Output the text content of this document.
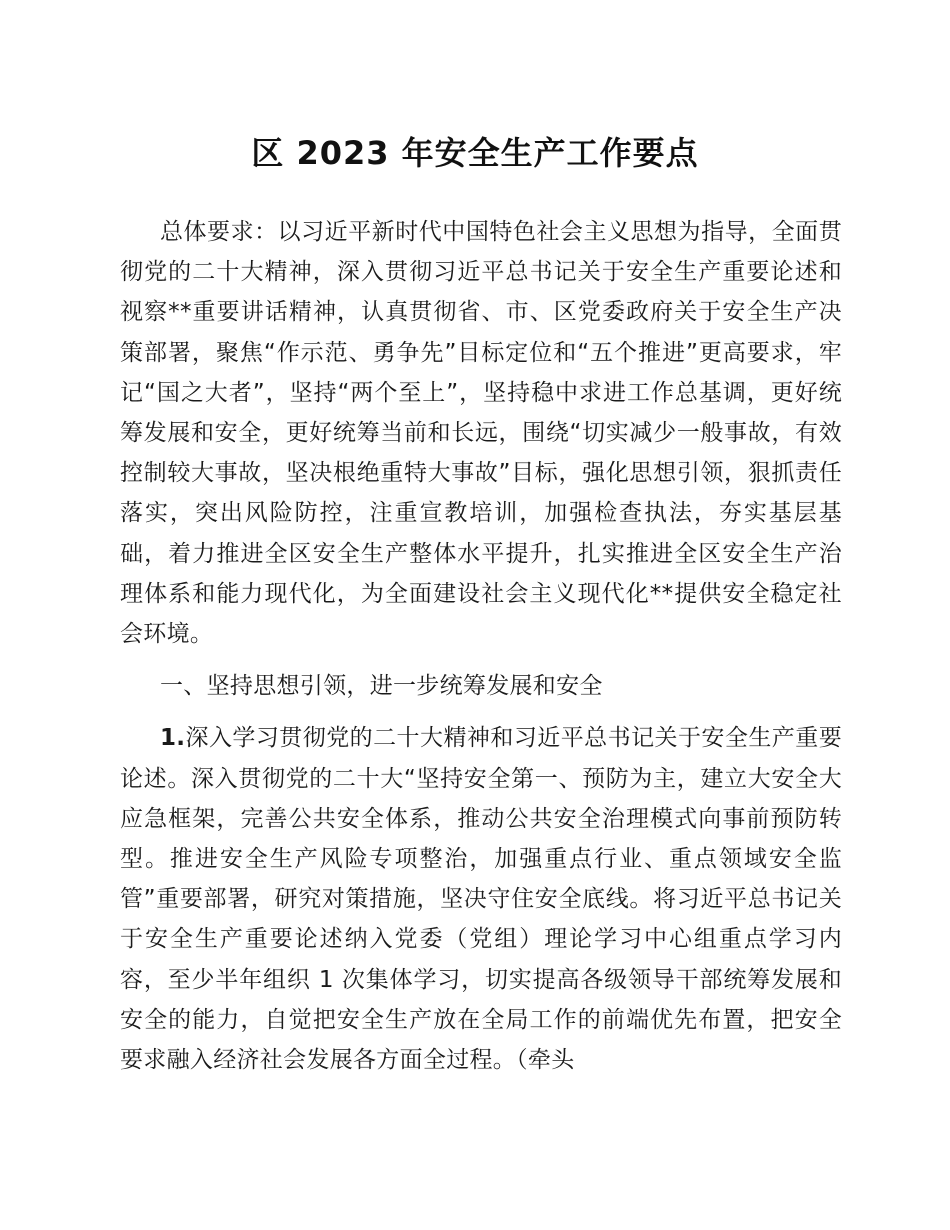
区 2023 年安全生产工作要点

总体要求：以习近平新时代中国特色社会主义思想为指导，全面贯彻党的二十大精神，深入贯彻习近平总书记关于安全生产重要论述和视察**重要讲话精神，认真贯彻省、市、区党委政府关于安全生产决策部署，聚焦“作示范、勇争先”目标定位和“五个推进”更高要求，牢记“国之大者”，坚持“两个至上”，坚持稳中求进工作总基调，更好统筹发展和安全，更好统筹当前和长远，围绕“切实减少一般事故，有效控制较大事故，坚决根绝重特大事故”目标，强化思想引领，狠抓责任落实，突出风险防控，注重宣教培训，加强检查执法，夯实基层基础，着力推进全区安全生产整体水平提升，扎实推进全区安全生产治理体系和能力现代化，为全面建设社会主义现代化**提供安全稳定社会环境。

一、坚持思想引领，进一步统筹发展和安全

1.深入学习贯彻党的二十大精神和习近平总书记关于安全生产重要论述。深入贯彻党的二十大“坚持安全第一、预防为主，建立大安全大应急框架，完善公共安全体系，推动公共安全治理模式向事前预防转型。推进安全生产风险专项整治，加强重点行业、重点领域安全监管”重要部署，研究对策措施，坚决守住安全底线。将习近平总书记关于安全生产重要论述纳入党委（党组）理论学习中心组重点学习内容，至少半年组织 1 次集体学习，切实提高各级领导干部统筹发展和安全的能力，自觉把安全生产放在全局工作的前端优先布置，把安全要求融入经济社会发展各方面全过程。（牵头
